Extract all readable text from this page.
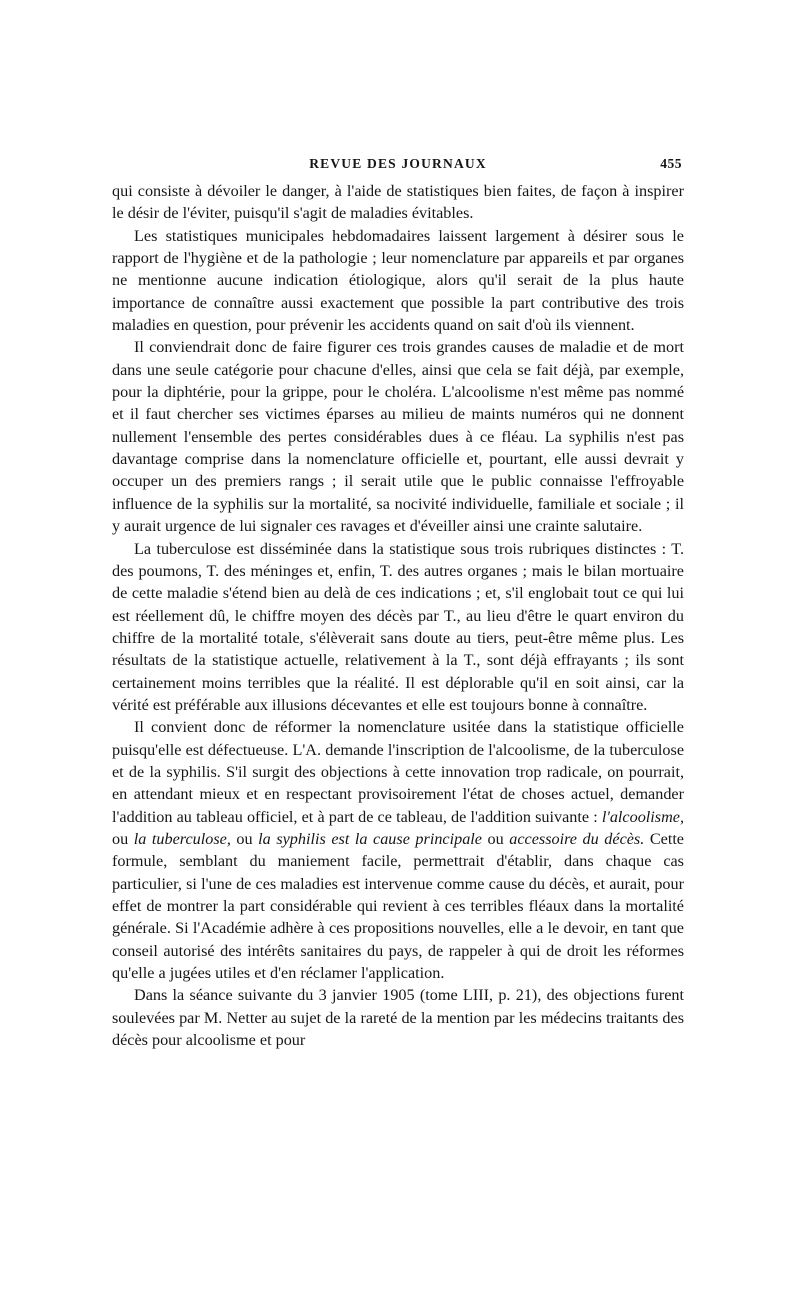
REVUE DES JOURNAUX	455

qui consiste à dévoiler le danger, à l'aide de statistiques bien faites, de façon à inspirer le désir de l'éviter, puisqu'il s'agit de maladies évitables.

Les statistiques municipales hebdomadaires laissent largement à désirer sous le rapport de l'hygiène et de la pathologie ; leur nomenclature par appareils et par organes ne mentionne aucune indication étiologique, alors qu'il serait de la plus haute importance de connaître aussi exactement que possible la part contributive des trois maladies en question, pour prévenir les accidents quand on sait d'où ils viennent.

Il conviendrait donc de faire figurer ces trois grandes causes de maladie et de mort dans une seule catégorie pour chacune d'elles, ainsi que cela se fait déjà, par exemple, pour la diphtérie, pour la grippe, pour le choléra. L'alcoolisme n'est même pas nommé et il faut chercher ses victimes éparses au milieu de maints numéros qui ne donnent nullement l'ensemble des pertes considérables dues à ce fléau. La syphilis n'est pas davantage comprise dans la nomenclature officielle et, pourtant, elle aussi devrait y occuper un des premiers rangs ; il serait utile que le public connaisse l'effroyable influence de la syphilis sur la mortalité, sa nocivité individuelle, familiale et sociale ; il y aurait urgence de lui signaler ces ravages et d'éveiller ainsi une crainte salutaire.

La tuberculose est disséminée dans la statistique sous trois rubriques distinctes : T. des poumons, T. des méninges et, enfin, T. des autres organes ; mais le bilan mortuaire de cette maladie s'étend bien au delà de ces indications ; et, s'il englobait tout ce qui lui est réellement dû, le chiffre moyen des décès par T., au lieu d'être le quart environ du chiffre de la mortalité totale, s'élèverait sans doute au tiers, peut-être même plus. Les résultats de la statistique actuelle, relativement à la T., sont déjà effrayants ; ils sont certainement moins terribles que la réalité. Il est déplorable qu'il en soit ainsi, car la vérité est préférable aux illusions décevantes et elle est toujours bonne à connaître.

Il convient donc de réformer la nomenclature usitée dans la statistique officielle puisqu'elle est défectueuse. L'A. demande l'inscription de l'alcoolisme, de la tuberculose et de la syphilis. S'il surgit des objections à cette innovation trop radicale, on pourrait, en attendant mieux et en respectant provisoirement l'état de choses actuel, demander l'addition au tableau officiel, et à part de ce tableau, de l'addition suivante : l'alcoolisme, ou la tuberculose, ou la syphilis est la cause principale ou accessoire du décès. Cette formule, semblant du maniement facile, permettrait d'établir, dans chaque cas particulier, si l'une de ces maladies est intervenue comme cause du décès, et aurait, pour effet de montrer la part considérable qui revient à ces terribles fléaux dans la mortalité générale. Si l'Académie adhère à ces propositions nouvelles, elle a le devoir, en tant que conseil autorisé des intérêts sanitaires du pays, de rappeler à qui de droit les réformes qu'elle a jugées utiles et d'en réclamer l'application.

Dans la séance suivante du 3 janvier 1905 (tome LIII, p. 21), des objections furent soulevées par M. Netter au sujet de la rareté de la mention par les médecins traitants des décès pour alcoolisme et pour
